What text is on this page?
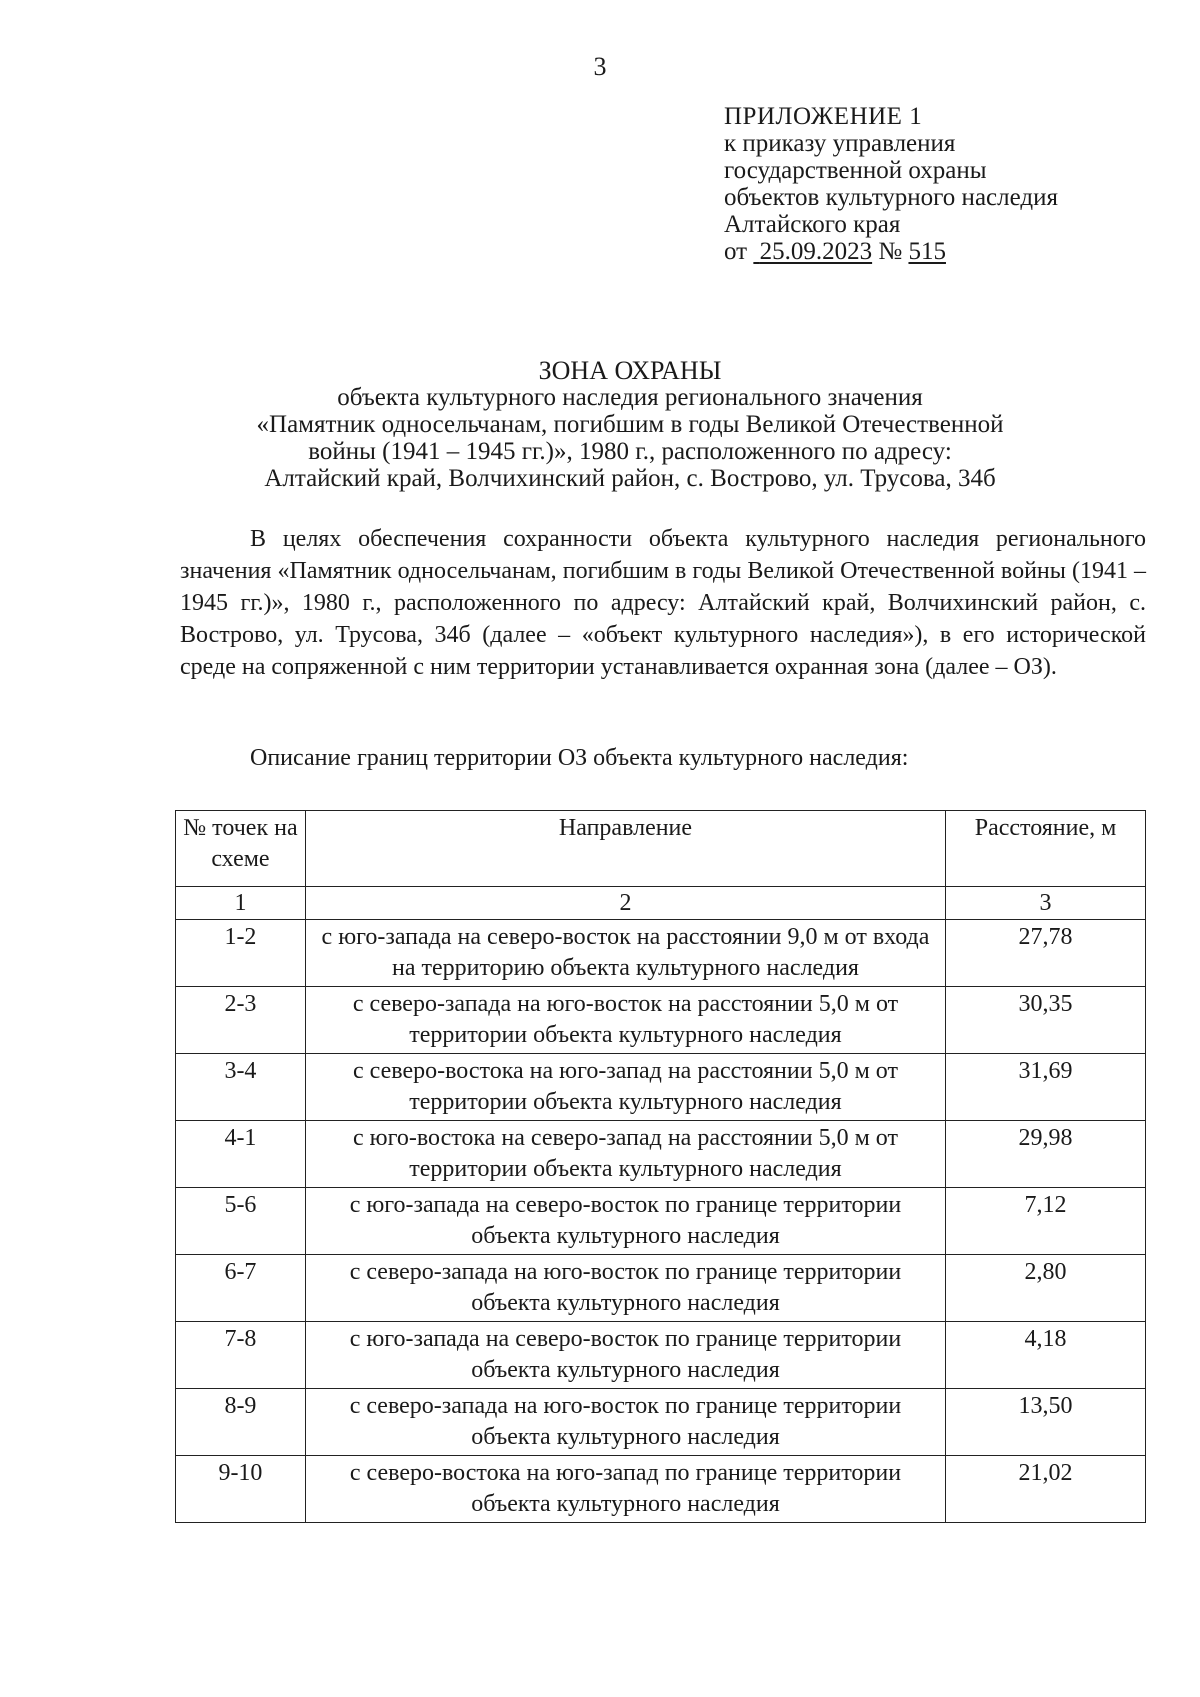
3
ПРИЛОЖЕНИЕ 1
к приказу управления
государственной охраны
объектов культурного наследия
Алтайского края
от 25.09.2023 № 515
ЗОНА ОХРАНЫ
объекта культурного наследия регионального значения
«Памятник односельчанам, погибшим в годы Великой Отечественной
войны (1941 – 1945 гг.)», 1980 г., расположенного по адресу:
Алтайский край, Волчихинский район, с. Вострово, ул. Трусова, 34б
В целях обеспечения сохранности объекта культурного наследия регионального значения «Памятник односельчанам, погибшим в годы Великой Отечественной войны (1941 – 1945 гг.)», 1980 г., расположенного по адресу: Алтайский край, Волчихинский район, с. Вострово, ул. Трусова, 34б (далее – «объект культурного наследия»), в его исторической среде на сопряженной с ним территории устанавливается охранная зона (далее – ОЗ).
Описание границ территории ОЗ объекта культурного наследия:
№ точек на схеме	Направление	Расстояние, м
1	2	3
1-2	с юго-запада на северо-восток на расстоянии 9,0 м от входа на территорию объекта культурного наследия	27,78
2-3	с северо-запада на юго-восток на расстоянии 5,0 м от территории объекта культурного наследия	30,35
3-4	с северо-востока на юго-запад на расстоянии 5,0 м от территории объекта культурного наследия	31,69
4-1	с юго-востока на северо-запад на расстоянии 5,0 м от территории объекта культурного наследия	29,98
5-6	с юго-запада на северо-восток по границе территории объекта культурного наследия	7,12
6-7	с северо-запада на юго-восток по границе территории объекта культурного наследия	2,80
7-8	с юго-запада на северо-восток по границе территории объекта культурного наследия	4,18
8-9	с северо-запада на юго-восток по границе территории объекта культурного наследия	13,50
9-10	с северо-востока на юго-запад по границе территории объекта культурного наследия	21,02
